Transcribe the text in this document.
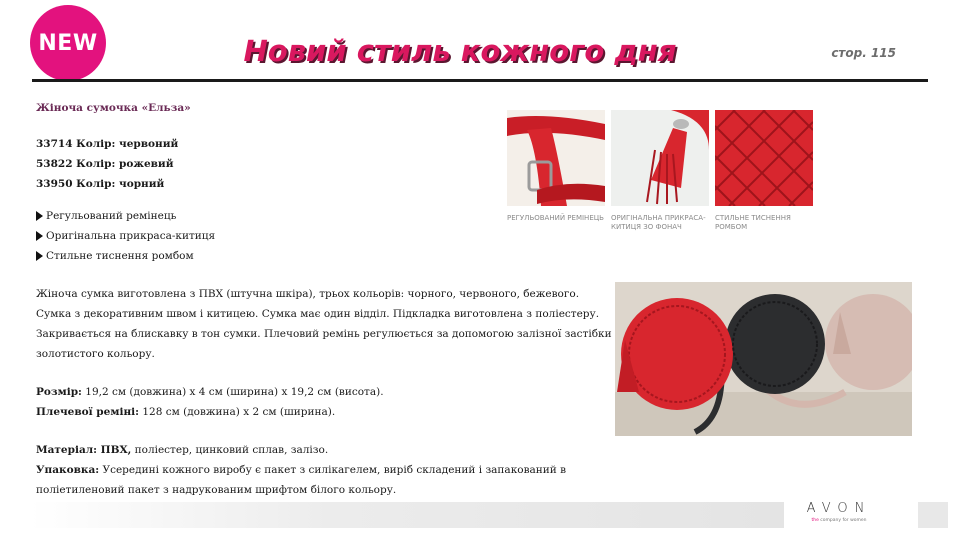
NEW	Новий стиль кожного дня	стор. 115
Жіноча сумочка «Ельза»
33714 Колір: червоний
53822 Колір: рожевий
33950 Колір: чорний
Регульований ремінець
Оригінальна прикраса-китиця
Стильне тиснення ромбом
Жіноча сумка виготовлена з ПВХ (штучна шкіра), трьох кольорів: чорного, червоного, бежевого.
Сумка з декоративним швом і китицею. Сумка має один відділ. Підкладка виготовлена з поліестеру.
Закривається на блискавку в тон сумки. Плечовий ремінь регулюється за допомогою залізної застібки
золотистого кольору.
Розмір: 19,2 см (довжина) х 4 см (ширина) х 19,2 см (висота).
Плечевої реміні: 128 см (довжина) х 2 см (ширина).
Матеріал: ПВХ, поліестер, цинковий сплав, залізо.
Упаковка: Усередині кожного виробу є пакет з силікагелем, виріб складений і запакований в
поліетиленовий пакет з надрукованим шрифтом білого кольору.
РЕГУЛЬОВАНИЙ РЕМІНЕЦЬ	ОРИГІНАЛЬНА ПРИКРАСА-КИТИЦЯ ЗО ФОНАЧ
СТИЛЬНЕ ТИСНЕННЯ РОМБОМ
AVON
the company for women
